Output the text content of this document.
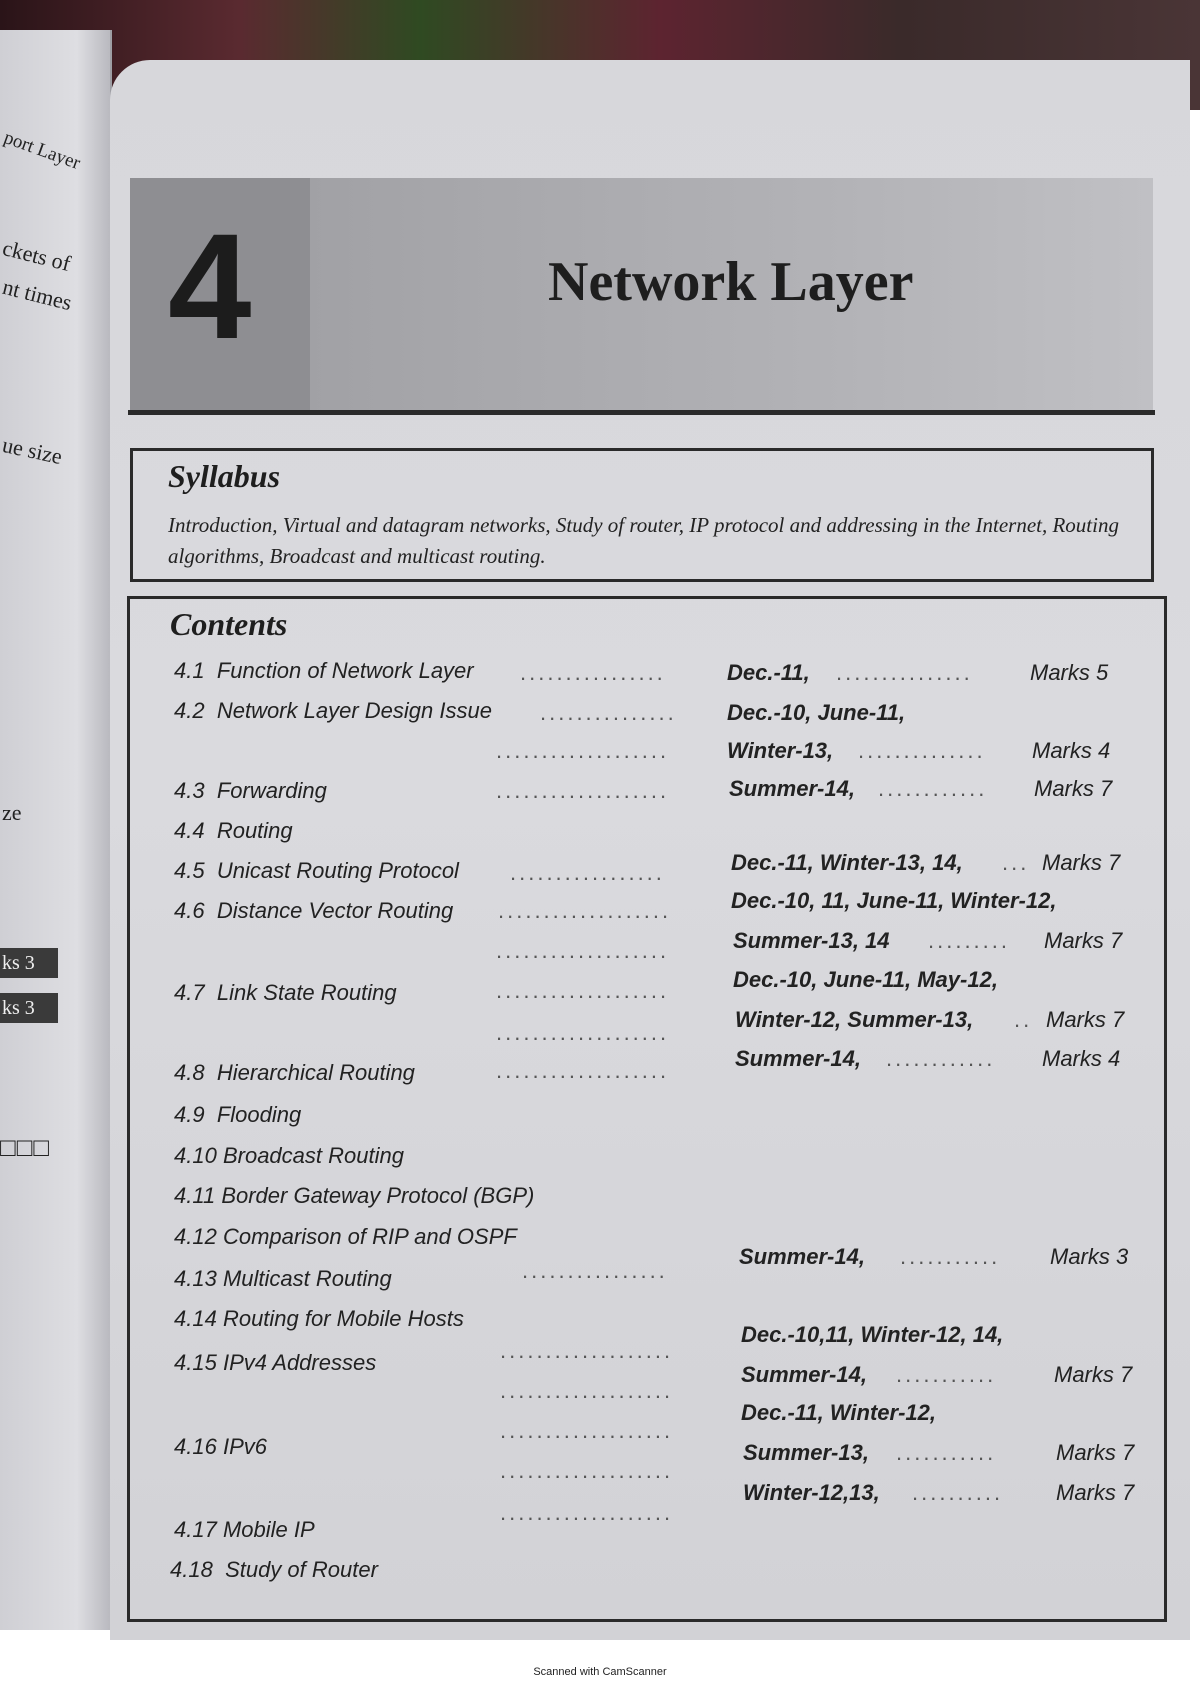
port Layer
ckets of
nt times
ue size
ze
ks 3
ks 3
□□□
4	Network Layer
Syllabus
Introduction, Virtual and datagram networks, Study of router, IP protocol and addressing in the Internet, Routing algorithms, Broadcast and multicast routing.
Contents
4.1 Function of Network Layer
4.2 Network Layer Design Issue
4.3 Forwarding
4.4 Routing
4.5 Unicast Routing Protocol
4.6 Distance Vector Routing
4.7 Link State Routing
4.8 Hierarchical Routing
4.9 Flooding
4.10 Broadcast Routing
4.11 Border Gateway Protocol (BGP)
4.12 Comparison of RIP and OSPF
4.13 Multicast Routing
4.14 Routing for Mobile Hosts
4.15 IPv4 Addresses
4.16 IPv6
4.17 Mobile IP
4.18 Study of Router
................
...............
...................
...................
.................
...................
...................
...................
...................
...................
................
...................
...................
...................
...................
...................
Dec.-11,
Dec.-10, June-11,
Winter-13,
Summer-14,
Dec.-11, Winter-13, 14,
Dec.-10, 11, June-11, Winter-12,
Summer-13, 14
Dec.-10, June-11, May-12,
Winter-12, Summer-13,
Summer-14,
Summer-14,
Dec.-10,11, Winter-12, 14,
Summer-14,
Dec.-11, Winter-12,
Summer-13,
Winter-12,13,
...............
..............
............
...
.........
..
............
...........
...........
...........
..........
Marks 5
Marks 4
Marks 7
Marks 7
Marks 7
Marks 7
Marks 4
Marks 3
Marks 7
Marks 7
Marks 7
Scanned with CamScanner
